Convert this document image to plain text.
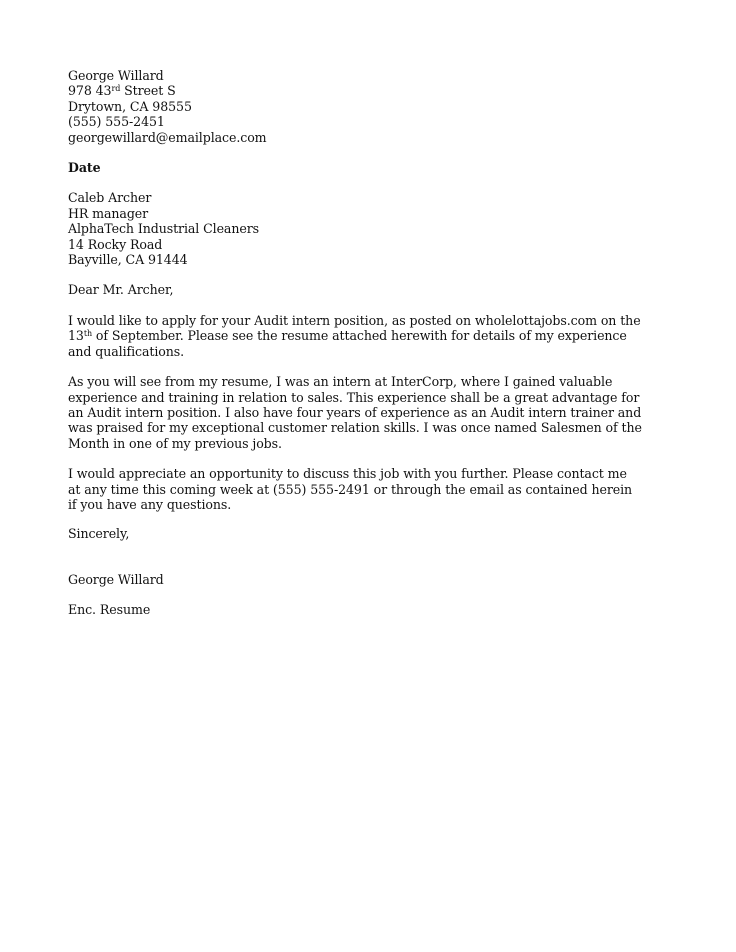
George Willard
978 43rd Street S
Drytown, CA 98555
(555) 555-2451
georgewillard@emailplace.com
Date
Caleb Archer
HR manager
AlphaTech Industrial Cleaners
14 Rocky Road
Bayville, CA 91444
Dear Mr. Archer,

I would like to apply for your Audit intern position, as posted on wholelottajobs.com on the 13th of September. Please see the resume attached herewith for details of my experience and qualifications.

As you will see from my resume, I was an intern at InterCorp, where I gained valuable experience and training in relation to sales. This experience shall be a great advantage for an Audit intern position. I also have four years of experience as an Audit intern trainer and was praised for my exceptional customer relation skills. I was once named Salesmen of the Month in one of my previous jobs.

I would appreciate an opportunity to discuss this job with you further. Please contact me at any time this coming week at (555) 555-2491 or through the email as contained herein if you have any questions.

Sincerely,
George Willard
Enc. Resume
